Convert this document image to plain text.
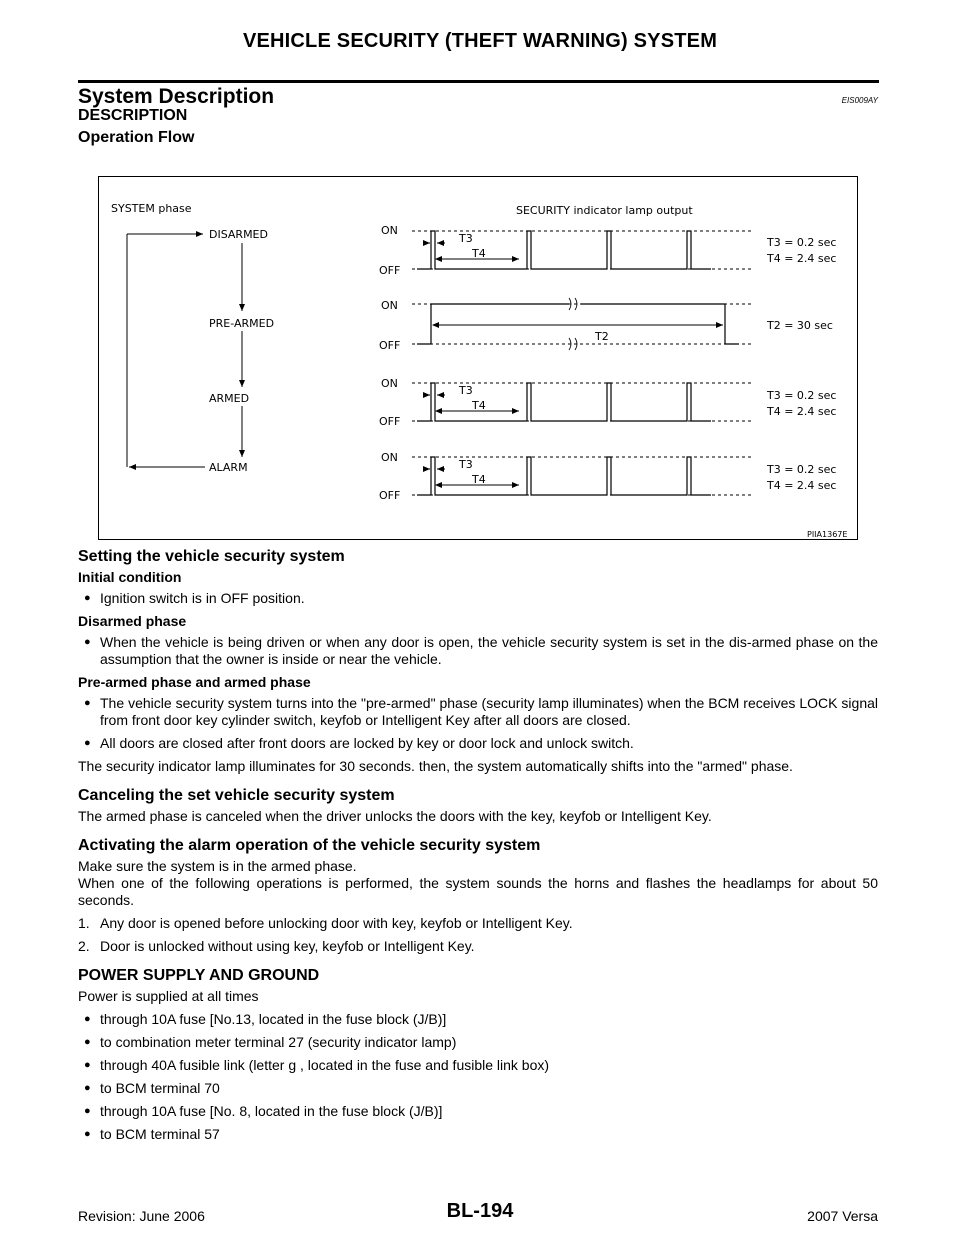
VEHICLE SECURITY (THEFT WARNING) SYSTEM
System Description	EIS009AY
DESCRIPTION
Operation Flow
SYSTEM phase
DISARMED
PRE-ARMED
ARMED
ALARM
SECURITY indicator lamp output
ON
OFF
T3
T4
T3 = 0.2 sec
T4 = 2.4 sec
ON
OFF
T2
T2 = 30 sec
ON
OFF
T3
T4
T3 = 0.2 sec
T4 = 2.4 sec
ON
OFF
T3
T4
T3 = 0.2 sec
T4 = 2.4 sec
PIIA1367E
Setting the vehicle security system
Initial condition
● Ignition switch is in OFF position.
Disarmed phase
● When the vehicle is being driven or when any door is open, the vehicle security system is set in the dis-armed phase on the assumption that the owner is inside or near the vehicle.
Pre-armed phase and armed phase
● The vehicle security system turns into the "pre-armed" phase (security lamp illuminates) when the BCM receives LOCK signal from front door key cylinder switch, keyfob or Intelligent Key after all doors are closed.
● All doors are closed after front doors are locked by key or door lock and unlock switch.
The security indicator lamp illuminates for 30 seconds. then, the system automatically shifts into the "armed" phase.
Canceling the set vehicle security system
The armed phase is canceled when the driver unlocks the doors with the key, keyfob or Intelligent Key.
Activating the alarm operation of the vehicle security system
Make sure the system is in the armed phase.
When one of the following operations is performed, the system sounds the horns and flashes the headlamps for about 50 seconds.
1. Any door is opened before unlocking door with key, keyfob or Intelligent Key.
2. Door is unlocked without using key, keyfob or Intelligent Key.
POWER SUPPLY AND GROUND
Power is supplied at all times
● through 10A fuse [No.13, located in the fuse block (J/B)]
● to combination meter terminal 27 (security indicator lamp)
● through 40A fusible link (letter g , located in the fuse and fusible link box)
● to BCM terminal 70
● through 10A fuse [No. 8, located in the fuse block (J/B)]
● to BCM terminal 57
Revision: June 2006	BL-194	2007 Versa
